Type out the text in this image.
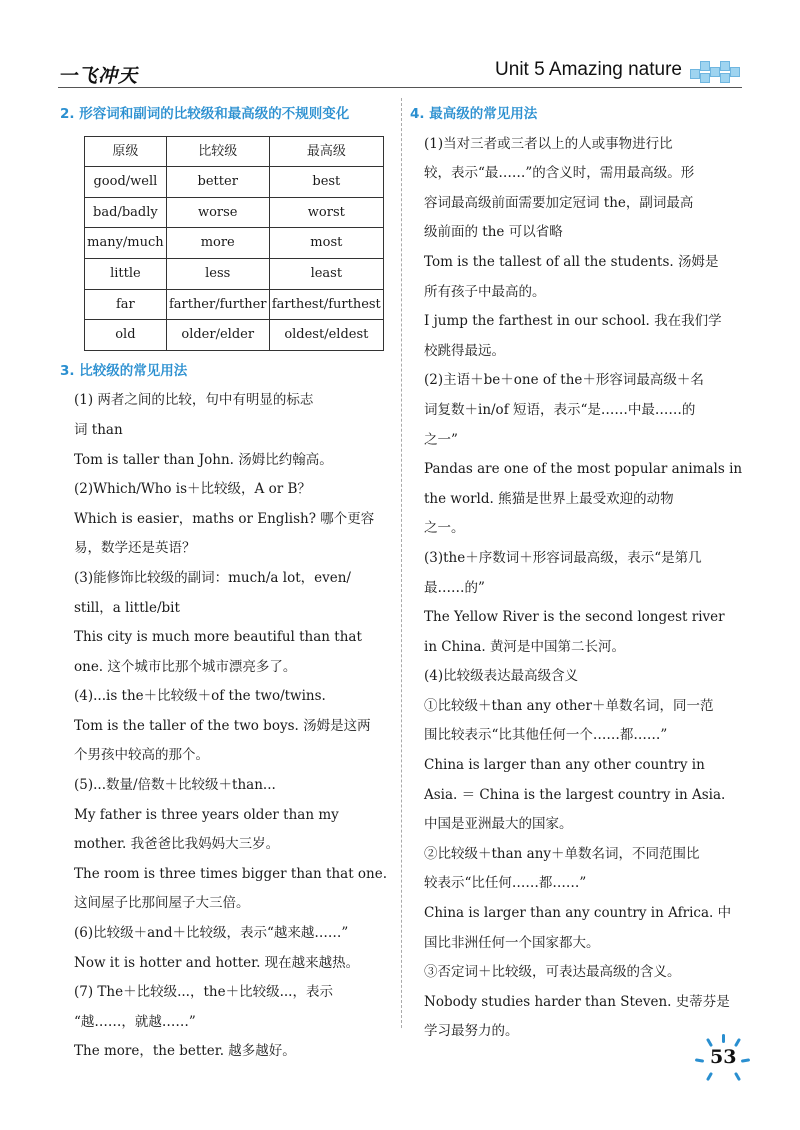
一飞冲天	Unit 5 Amazing nature
2. 形容词和副词的比较级和最高级的不规则变化
原级	比较级	最高级
good/well	better	best
bad/badly	worse	worst
many/much	more	most
little	less	least
far	farther/further	farthest/furthest
old	older/elder	oldest/eldest
3. 比较级的常见用法

(1) 两者之间的比较，句中有明显的标志

词 than

Tom is taller than John. 汤姆比约翰高。

(2)Which/Who is＋比较级，A or B？

Which is easier，maths or English? 哪个更容

易，数学还是英语？

(3)能修饰比较级的副词：much/a lot，even/

still，a little/bit

This city is much more beautiful than that

one. 这个城市比那个城市漂亮多了。

(4)...is the＋比较级＋of the two/twins.

Tom is the taller of the two boys. 汤姆是这两

个男孩中较高的那个。

(5)...数量/倍数＋比较级＋than...

My father is three years older than my

mother. 我爸爸比我妈妈大三岁。

The room is three times bigger than that one.

这间屋子比那间屋子大三倍。

(6)比较级＋and＋比较级，表示“越来越……”

Now it is hotter and hotter. 现在越来越热。

(7) The＋比较级...，the＋比较级...，表示

“越……，就越……”

The more，the better. 越多越好。

4. 最高级的常见用法

(1)当对三者或三者以上的人或事物进行比

较，表示“最……”的含义时，需用最高级。形

容词最高级前面需要加定冠词 the，副词最高

级前面的 the 可以省略

Tom is the tallest of all the students. 汤姆是

所有孩子中最高的。

I jump the farthest in our school. 我在我们学

校跳得最远。

(2)主语＋be＋one of the＋形容词最高级＋名

词复数＋in/of 短语，表示“是……中最……的

之一”

Pandas are one of the most popular animals in

the world. 熊猫是世界上最受欢迎的动物

之一。

(3)the＋序数词＋形容词最高级，表示“是第几

最……的”

The Yellow River is the second longest river

in China. 黄河是中国第二长河。

(4)比较级表达最高级含义

①比较级＋than any other＋单数名词，同一范

围比较表示“比其他任何一个……都……”

China is larger than any other country in

Asia. ＝ China is the largest country in Asia.

中国是亚洲最大的国家。

②比较级＋than any＋单数名词，不同范围比

较表示“比任何……都……”

China is larger than any country in Africa. 中

国比非洲任何一个国家都大。

③否定词＋比较级，可表达最高级的含义。

Nobody studies harder than Steven. 史蒂芬是

学习最努力的。

53
